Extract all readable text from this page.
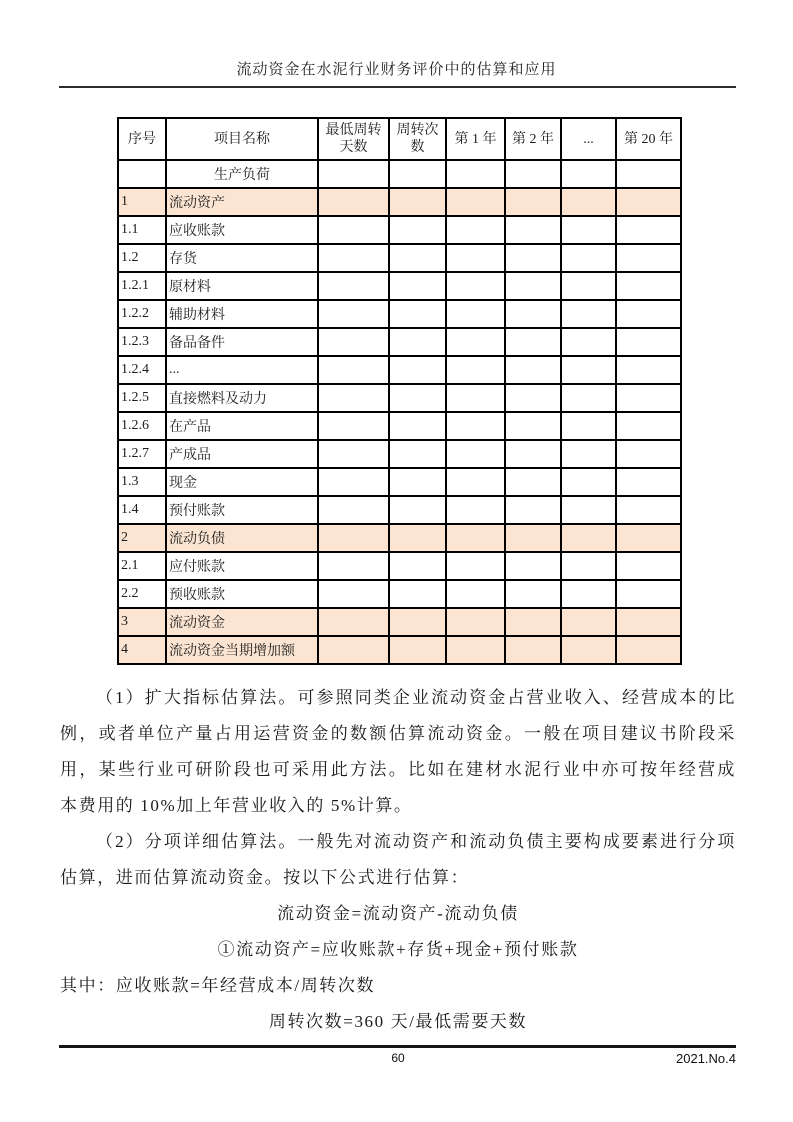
流动资金在水泥行业财务评价中的估算和应用
序号	项目名称	最低周转天数	周转次数	第 1 年	第 2 年	...	第 20 年
	生产负荷						
1	流动资产						
1.1	应收账款						
1.2	存货						
1.2.1	原材料						
1.2.2	辅助材料						
1.2.3	备品备件						
1.2.4	...						
1.2.5	直接燃料及动力						
1.2.6	在产品						
1.2.7	产成品						
1.3	现金						
1.4	预付账款						
2	流动负债						
2.1	应付账款						
2.2	预收账款						
3	流动资金						
4	流动资金当期增加额						
（1）扩大指标估算法。可参照同类企业流动资金占营业收入、经营成本的比
例，或者单位产量占用运营资金的数额估算流动资金。一般在项目建议书阶段采
用，某些行业可研阶段也可采用此方法。比如在建材水泥行业中亦可按年经营成
本费用的 10%加上年营业收入的 5%计算。
（2）分项详细估算法。一般先对流动资产和流动负债主要构成要素进行分项
估算，进而估算流动资金。按以下公式进行估算：
流动资金=流动资产-流动负债
①流动资产=应收账款+存货+现金+预付账款
其中：应收账款=年经营成本/周转次数
周转次数=360 天/最低需要天数
60	2021.No.4
